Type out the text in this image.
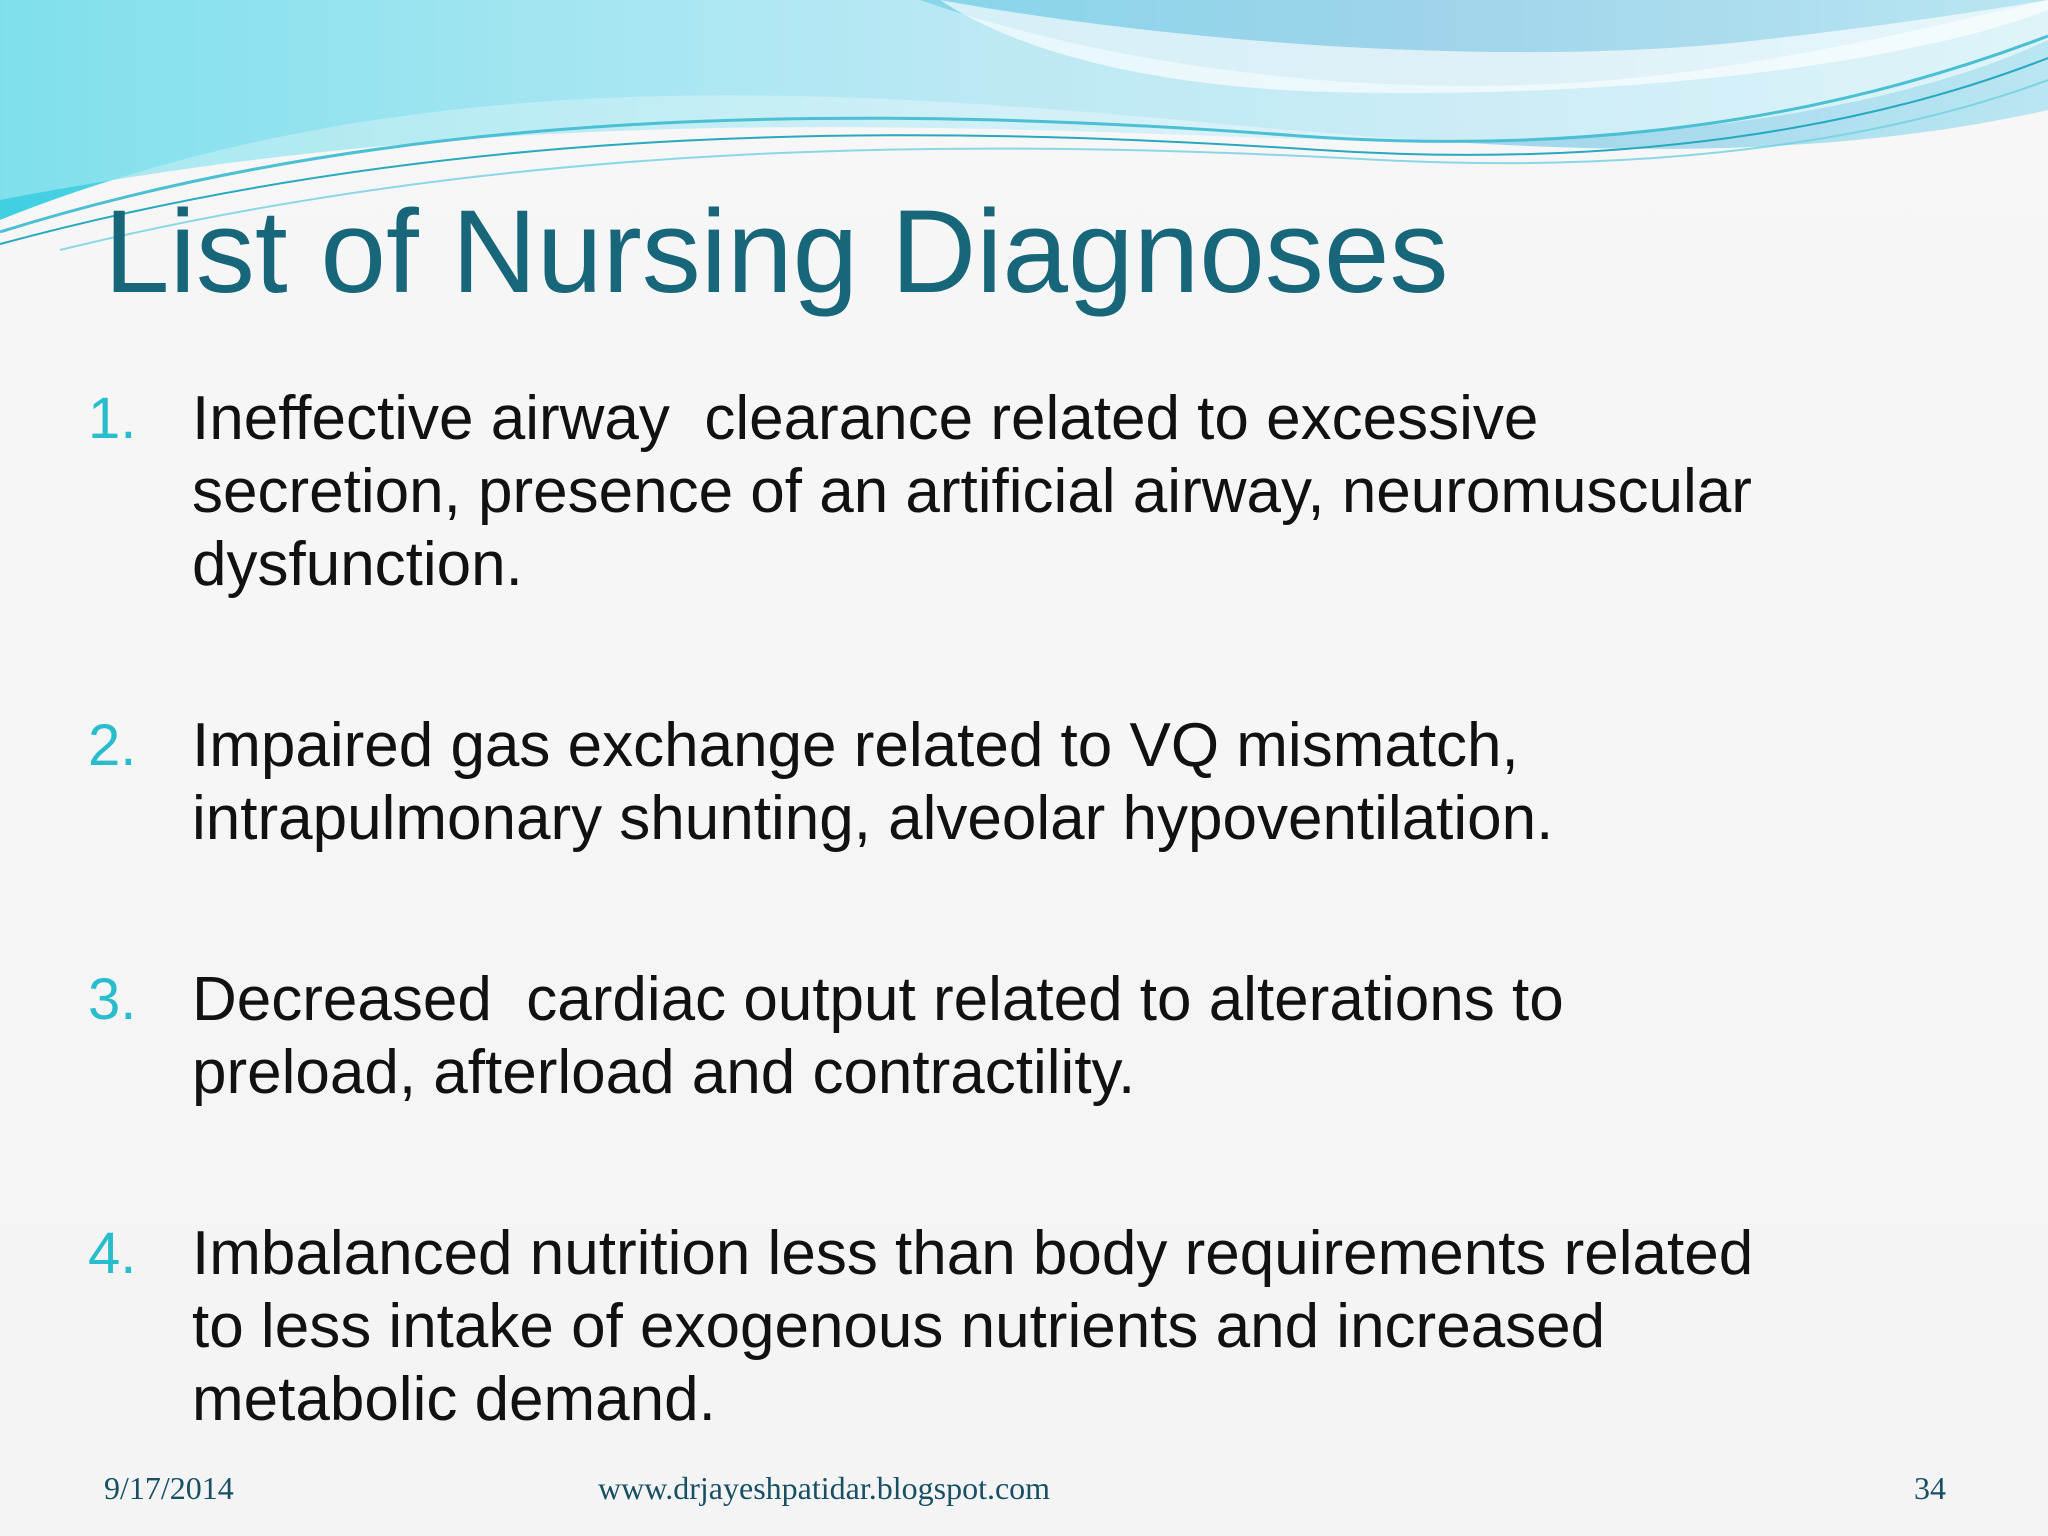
List of Nursing Diagnoses
1. Ineffective airway  clearance related to excessive
secretion, presence of an artificial airway, neuromuscular
dysfunction.
2. Impaired gas exchange related to VQ mismatch,
intrapulmonary shunting, alveolar hypoventilation.
3. Decreased  cardiac output related to alterations to
preload, afterload and contractility.
4. Imbalanced nutrition less than body requirements related
to less intake of exogenous nutrients and increased
metabolic demand.
9/17/2014	www.drjayeshpatidar.blogspot.com	34
